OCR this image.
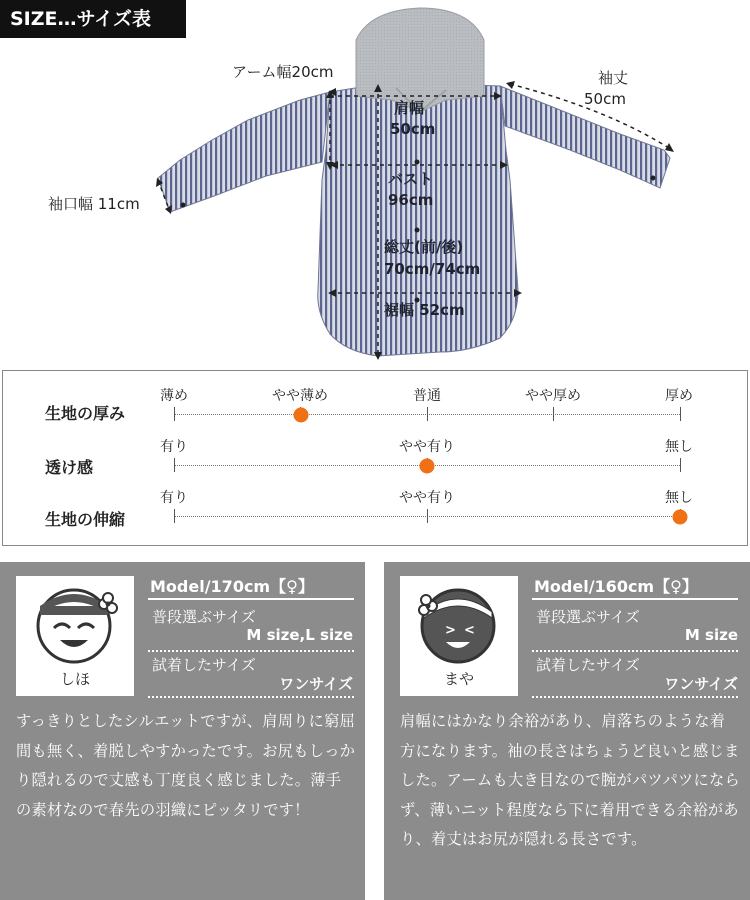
SIZE…サイズ表
アーム幅20cm	袖丈
50cm
肩幅
50cm
バスト
96cm
袖口幅 11cm
総丈(前/後)
70cm/74cm
裾幅 52cm
生地の厚み
薄め	やや薄め	普通	やや厚め	厚め
透け感
有り	やや有り	無し
生地の伸縮
有り	やや有り	無し
しほ
Model/170cm【♀】
普段選ぶサイズ
M size,L size
試着したサイズ
ワンサイズ
すっきりとしたシルエットですが、肩周りに窮屈間も無く、着脱しやすかったです。お尻もしっかり隠れるので丈感も丁度良く感じました。薄手の素材なので春先の羽織にピッタリです！
> <
まや
Model/160cm【♀】
普段選ぶサイズ
M size
試着したサイズ
ワンサイズ
肩幅にはかなり余裕があり、肩落ちのような着方になります。袖の長さはちょうど良いと感じました。アームも大き目なので腕がパツパツにならず、薄いニット程度なら下に着用できる余裕があり、着丈はお尻が隠れる長さです。
